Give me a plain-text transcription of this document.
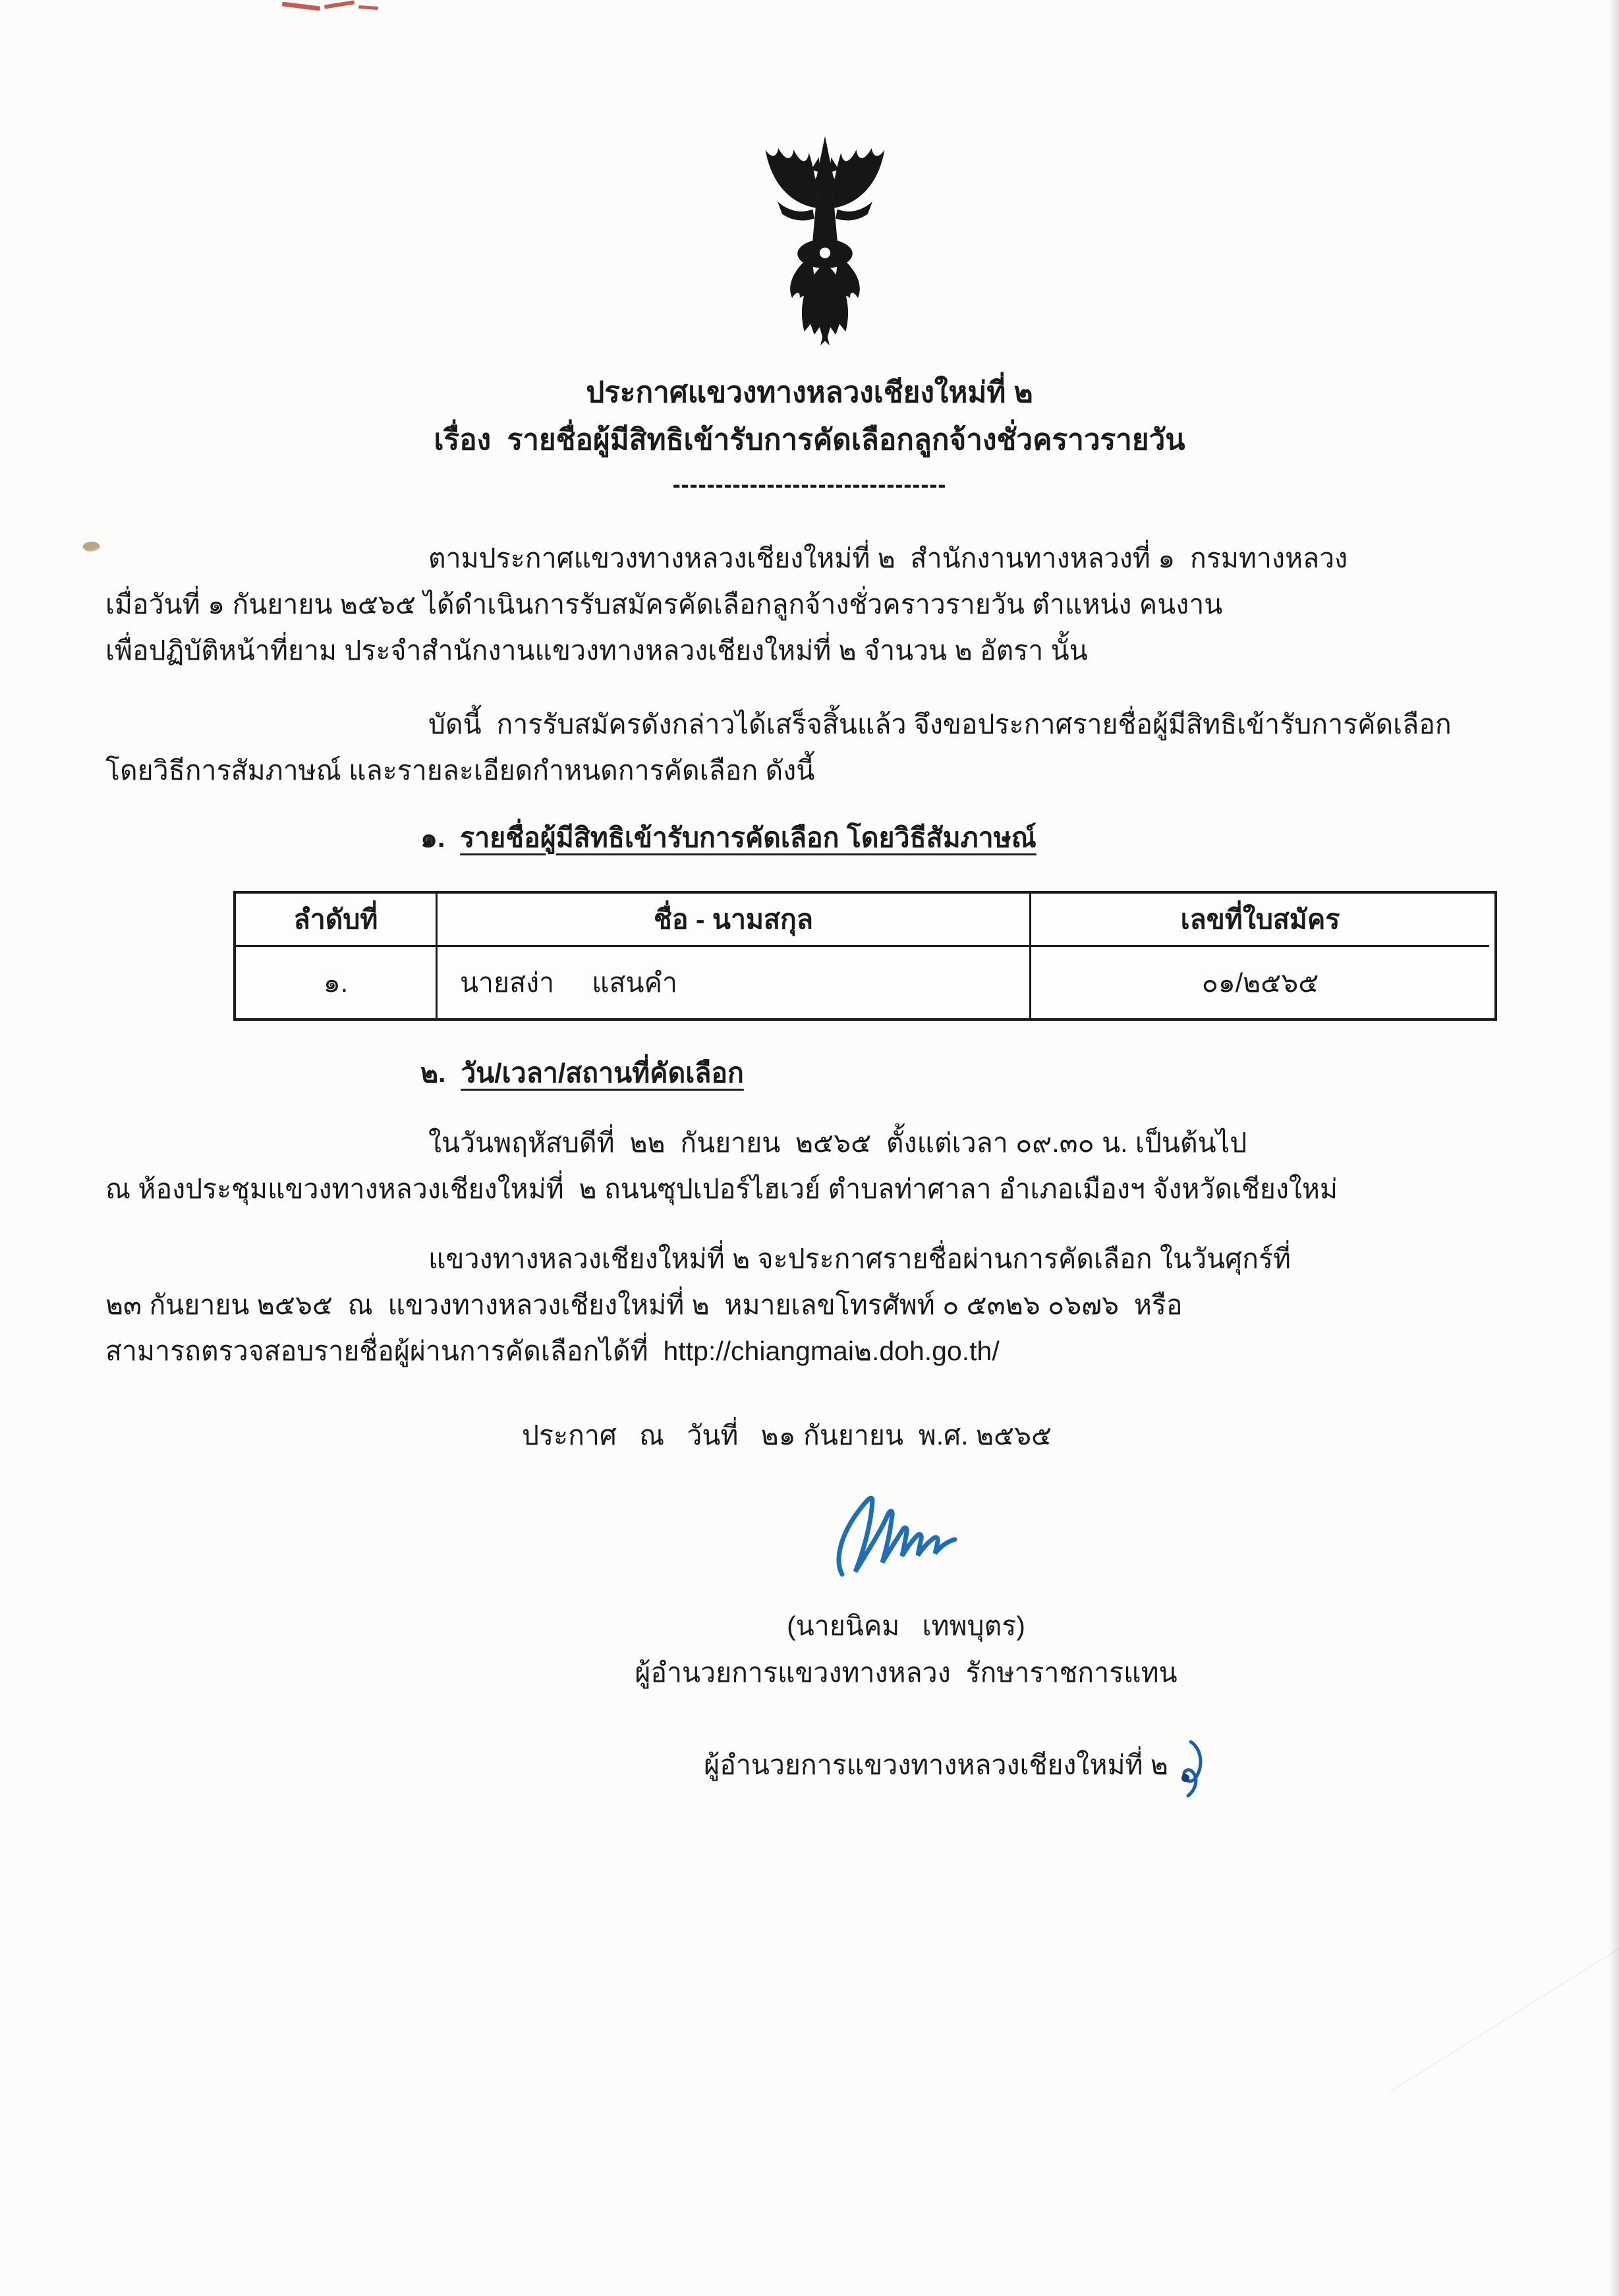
ประกาศแขวงทางหลวงเชียงใหม่ที่ ๒
เรื่อง  รายชื่อผู้มีสิทธิเข้ารับการคัดเลือกลูกจ้างชั่วคราวรายวัน
--------------------------------
ตามประกาศแขวงทางหลวงเชียงใหม่ที่ ๒  สำนักงานทางหลวงที่ ๑  กรมทางหลวง
เมื่อวันที่ ๑ กันยายน ๒๕๖๕ ได้ดำเนินการรับสมัครคัดเลือกลูกจ้างชั่วคราวรายวัน ตำแหน่ง คนงาน
เพื่อปฏิบัติหน้าที่ยาม ประจำสำนักงานแขวงทางหลวงเชียงใหม่ที่ ๒ จำนวน ๒ อัตรา นั้น
บัดนี้  การรับสมัครดังกล่าวได้เสร็จสิ้นแล้ว จึงขอประกาศรายชื่อผู้มีสิทธิเข้ารับการคัดเลือก
โดยวิธีการสัมภาษณ์ และรายละเอียดกำหนดการคัดเลือก ดังนี้
๑. รายชื่อผู้มีสิทธิเข้ารับการคัดเลือก โดยวิธีสัมภาษณ์
ลำดับที่	ชื่อ - นามสกุล	เลขที่ใบสมัคร
๑.	นายสง่า     แสนคำ	๐๑/๒๕๖๕
๒. วัน/เวลา/สถานที่คัดเลือก
ในวันพฤหัสบดีที่  ๒๒  กันยายน  ๒๕๖๕  ตั้งแต่เวลา ๐๙.๓๐ น. เป็นต้นไป
ณ ห้องประชุมแขวงทางหลวงเชียงใหม่ที่  ๒ ถนนซุปเปอร์ไฮเวย์ ตำบลท่าศาลา อำเภอเมืองฯ จังหวัดเชียงใหม่
แขวงทางหลวงเชียงใหม่ที่ ๒ จะประกาศรายชื่อผ่านการคัดเลือก ในวันศุกร์ที่
๒๓ กันยายน ๒๕๖๕  ณ  แขวงทางหลวงเชียงใหม่ที่ ๒  หมายเลขโทรศัพท์ ๐ ๕๓๒๖ ๐๖๗๖  หรือ
สามารถตรวจสอบรายชื่อผู้ผ่านการคัดเลือกได้ที่  http://chiangmai๒.doh.go.th/
ประกาศ   ณ   วันที่   ๒๑ กันยายน  พ.ศ. ๒๕๖๕
(นายนิคม   เทพบุตร)
ผู้อำนวยการแขวงทางหลวง  รักษาราชการแทน

ผู้อำนวยการแขวงทางหลวงเชียงใหม่ที่ ๒
